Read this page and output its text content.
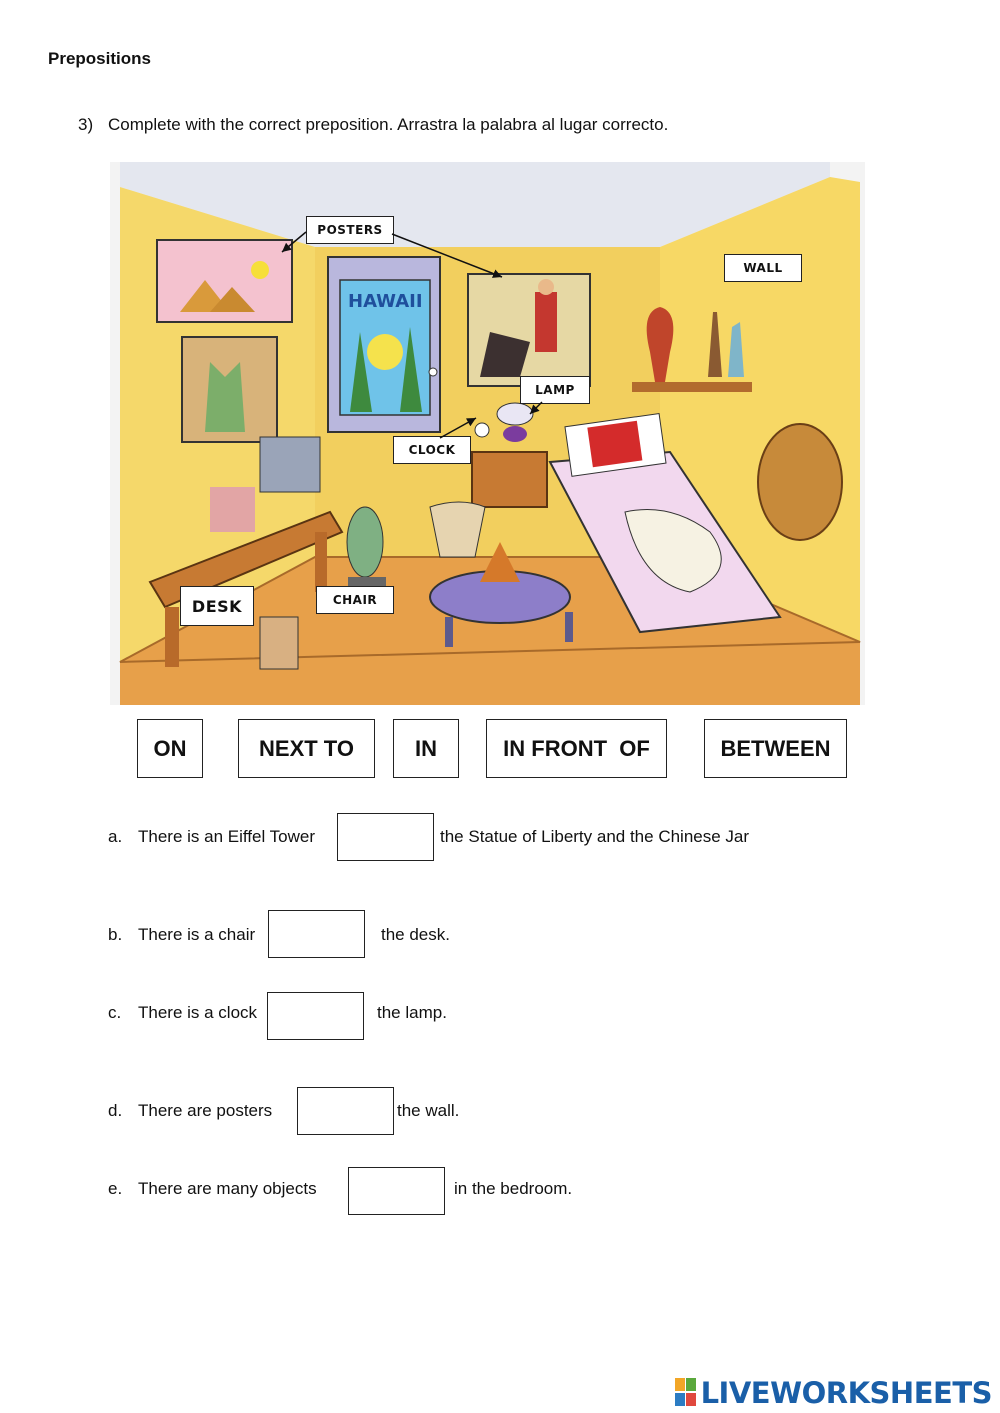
Prepositions
3) Complete with the correct preposition. Arrastra la palabra al lugar correcto.
HAWAII
POSTERS
WALL
LAMP
CLOCK
DESK	CHAIR
ON	NEXT TO	IN	IN FRONT  OF	BETWEEN
a. There is an Eiffel Tower	the Statue of Liberty and the Chinese Jar
b. There is a chair	the desk.
c. There is a clock	the lamp.
d. There are posters	the wall.
e. There are many objects	in the bedroom.
LIVEWORKSHEETS
